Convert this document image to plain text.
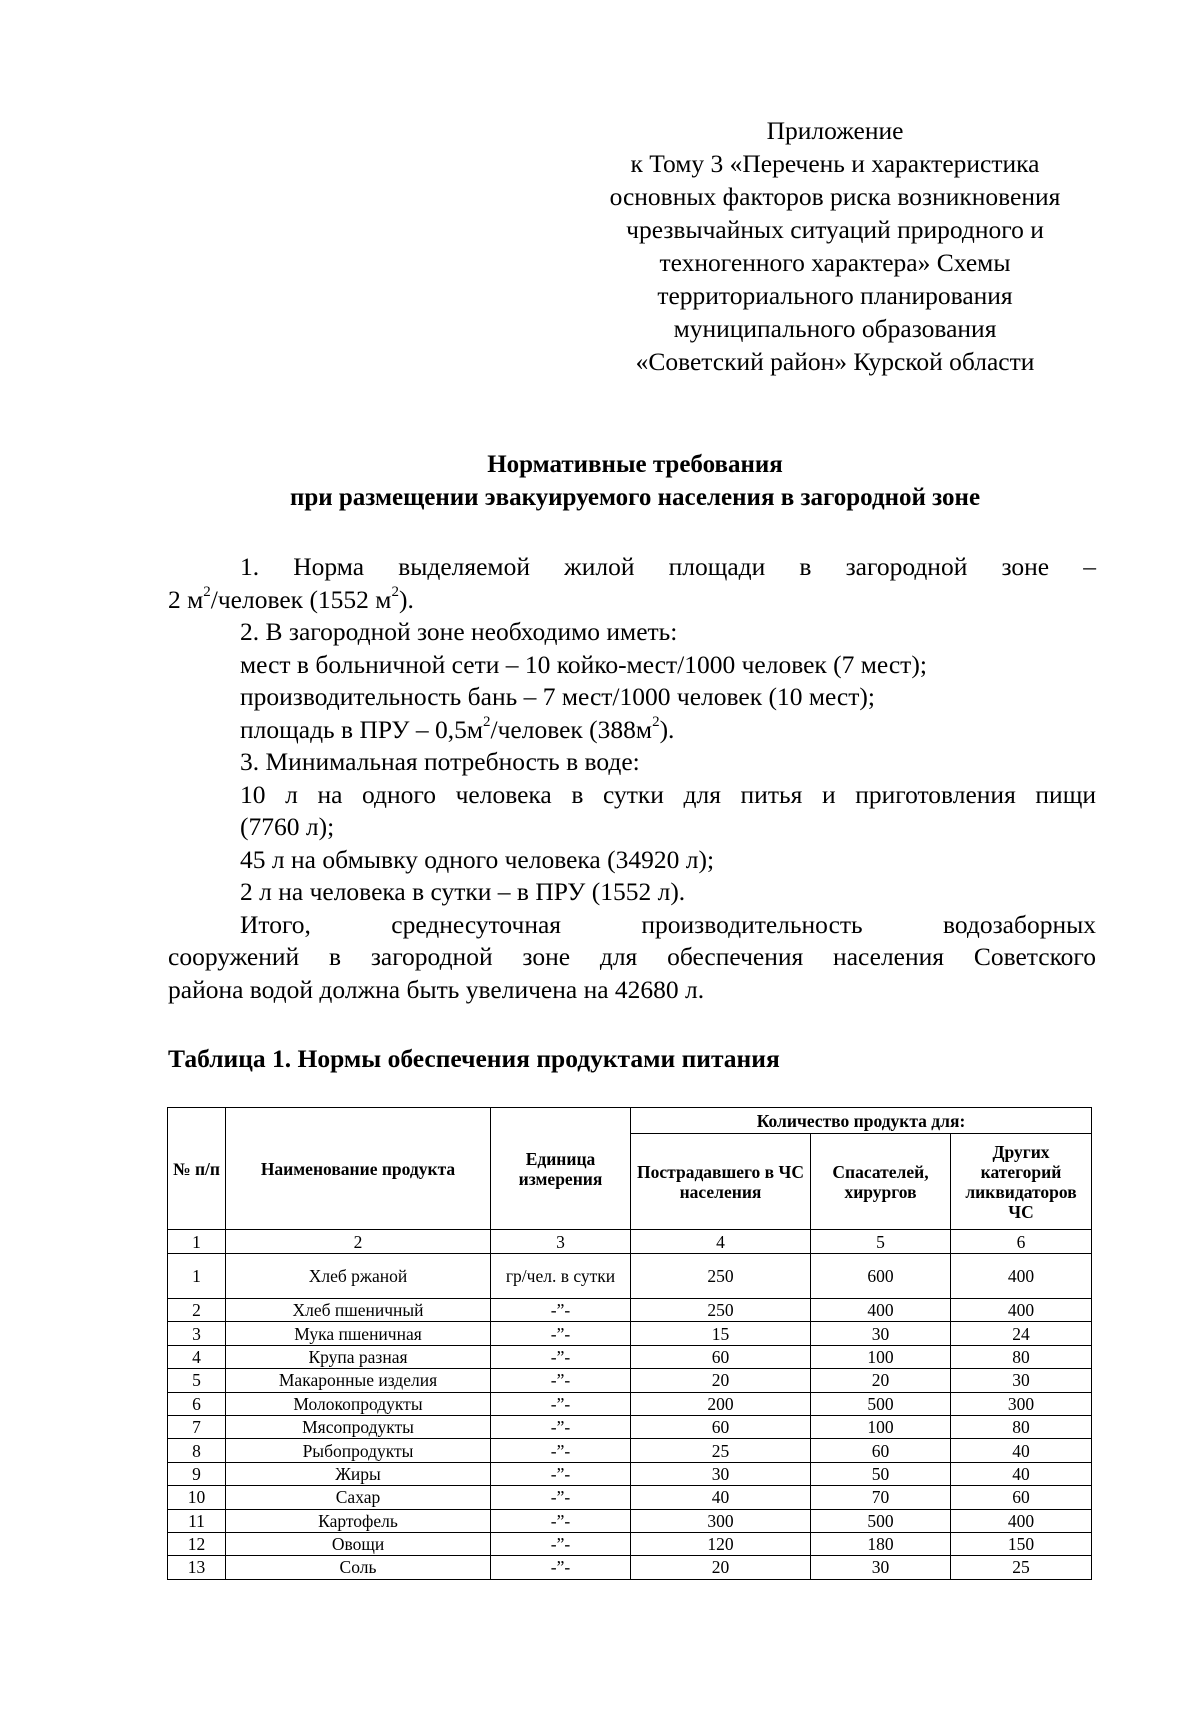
Приложение
к Тому 3 «Перечень и характеристика
основных факторов риска возникновения
чрезвычайных ситуаций природного и
техногенного характера» Схемы
территориального планирования
муниципального образования
«Советский район» Курской области
Нормативные требования
при размещении эвакуируемого населения в загородной зоне

1. Норма выделяемой жилой площади в загородной зоне –

2 $м^2$/человек (1552 $м^2$).

2. В загородной зоне необходимо иметь:

мест в больничной сети – 10 койко-мест/1000 человек (7 мест);

производительность бань – 7 мест/1000 человек (10 мест);

площадь в ПРУ – $0,5м^2$/человек $(388м^2)$.

3. Минимальная потребность в воде:

10 л на одного человека в сутки для питья и приготовления пищи

(7760 л);

45 л на обмывку одного человека (34920 л);

2 л на человека в сутки – в ПРУ (1552 л).

Итого, среднесуточная производительность водозаборных

сооружений в загородной зоне для обеспечения населения Советского

района водой должна быть увеличена на 42680 л.

Таблица 1. Нормы обеспечения продуктами питания
№ п/п	Наименование продукта	Единица измерения	Количество продукта для:		
			Пострадавшего в ЧС населения	Спасателей, хирургов	Других категорий ликвидаторов ЧС
1	2	3	4	5	6
1	Хлеб ржаной	гр/чел. в сутки	250	600	400
2	Хлеб пшеничный	-”-	250	400	400
3	Мука пшеничная	-”-	15	30	24
4	Крупа разная	-”-	60	100	80
5	Макаронные изделия	-”-	20	20	30
6	Молокопродукты	-”-	200	500	300
7	Мясопродукты	-”-	60	100	80
8	Рыбопродукты	-”-	25	60	40
9	Жиры	-”-	30	50	40
10	Сахар	-”-	40	70	60
11	Картофель	-”-	300	500	400
12	Овощи	-”-	120	180	150
13	Соль	-”-	20	30	25
